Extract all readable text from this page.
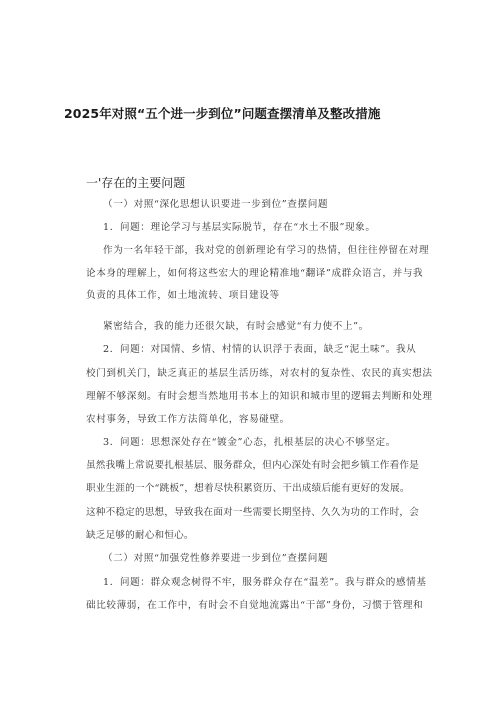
2025年对照“五个进一步到位”问题查摆清单及整改措施
一'存在的主要问题
（一）对照“深化思想认识要进一步到位”查摆问题
1．问题：理论学习与基层实际脱节，存在“水土不服”现象。
作为一名年轻干部，我对党的创新理论有学习的热情，但往往停留在对理
论本身的理解上，如何将这些宏大的理论精准地“翻译”成群众语言，并与我
负责的具体工作，如土地流转、项目建设等
紧密结合，我的能力还很欠缺，有时会感觉“有力使不上”。
2．问题：对国情、乡情、村情的认识浮于表面，缺乏“泥土味”。我从
校门到机关门，缺乏真正的基层生活历练，对农村的复杂性、农民的真实想法
理解不够深刻。有时会想当然地用书本上的知识和城市里的逻辑去判断和处理
农村事务，导致工作方法简单化，容易碰壁。
3．问题：思想深处存在“镀金”心态，扎根基层的决心不够坚定。
虽然我嘴上常说要扎根基层、服务群众，但内心深处有时会把乡镇工作看作是
职业生涯的一个“跳板”，想着尽快积累资历、干出成绩后能有更好的发展。
这种不稳定的思想，导致我在面对一些需要长期坚持、久久为功的工作时，会
缺乏足够的耐心和恒心。
（二）对照“加强党性修养要进一步到位”查摆问题
1．问题：群众观念树得不牢，服务群众存在“温差”。我与群众的感情基
础比较薄弱，在工作中，有时会不自觉地流露出“干部”身份，习惯于管理和
